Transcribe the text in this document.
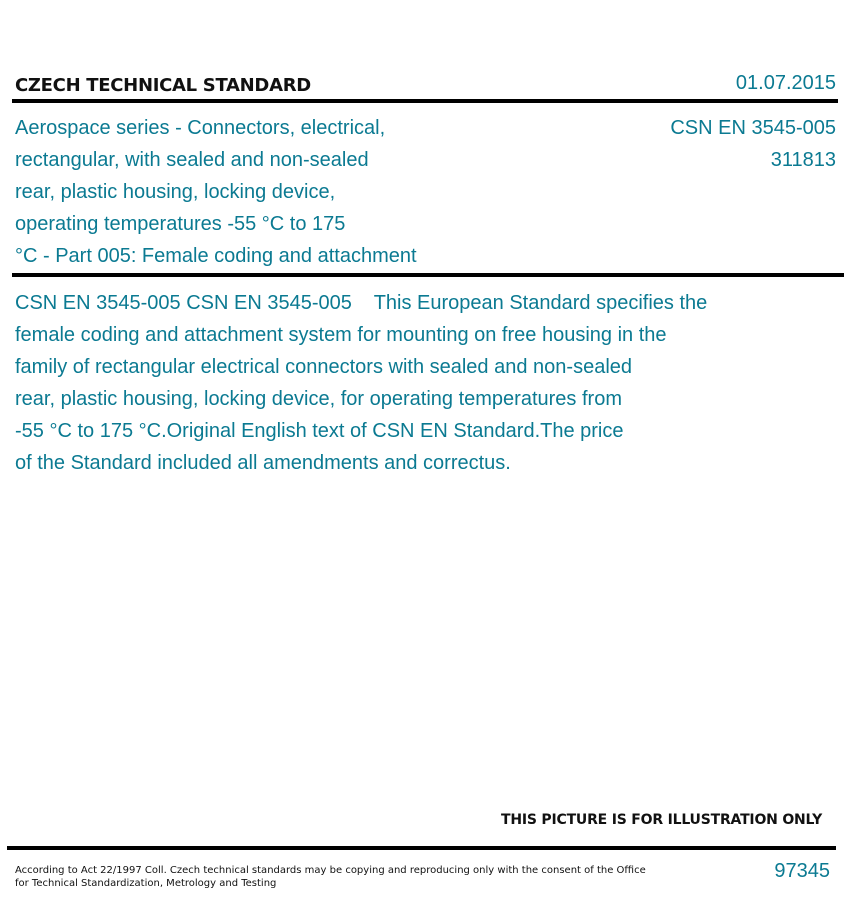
CZECH TECHNICAL STANDARD	01.07.2015
Aerospace series - Connectors, electrical,
rectangular, with sealed and non-sealed
rear, plastic housing, locking device,
operating temperatures -55 °C to 175
°C - Part 005: Female coding and attachment
CSN EN 3545-005
311813
CSN EN 3545-005 CSN EN 3545-005    This European Standard specifies the
female coding and attachment system for mounting on free housing in the
family of rectangular electrical connectors with sealed and non-sealed
rear, plastic housing, locking device, for operating temperatures from
-55 °C to 175 °C.Original English text of CSN EN Standard.The price
of the Standard included all amendments and correctus.
THIS PICTURE IS FOR ILLUSTRATION ONLY
According to Act 22/1997 Coll. Czech technical standards may be copying and reproducing only with the consent of the Office
for Technical Standardization, Metrology and Testing
97345
